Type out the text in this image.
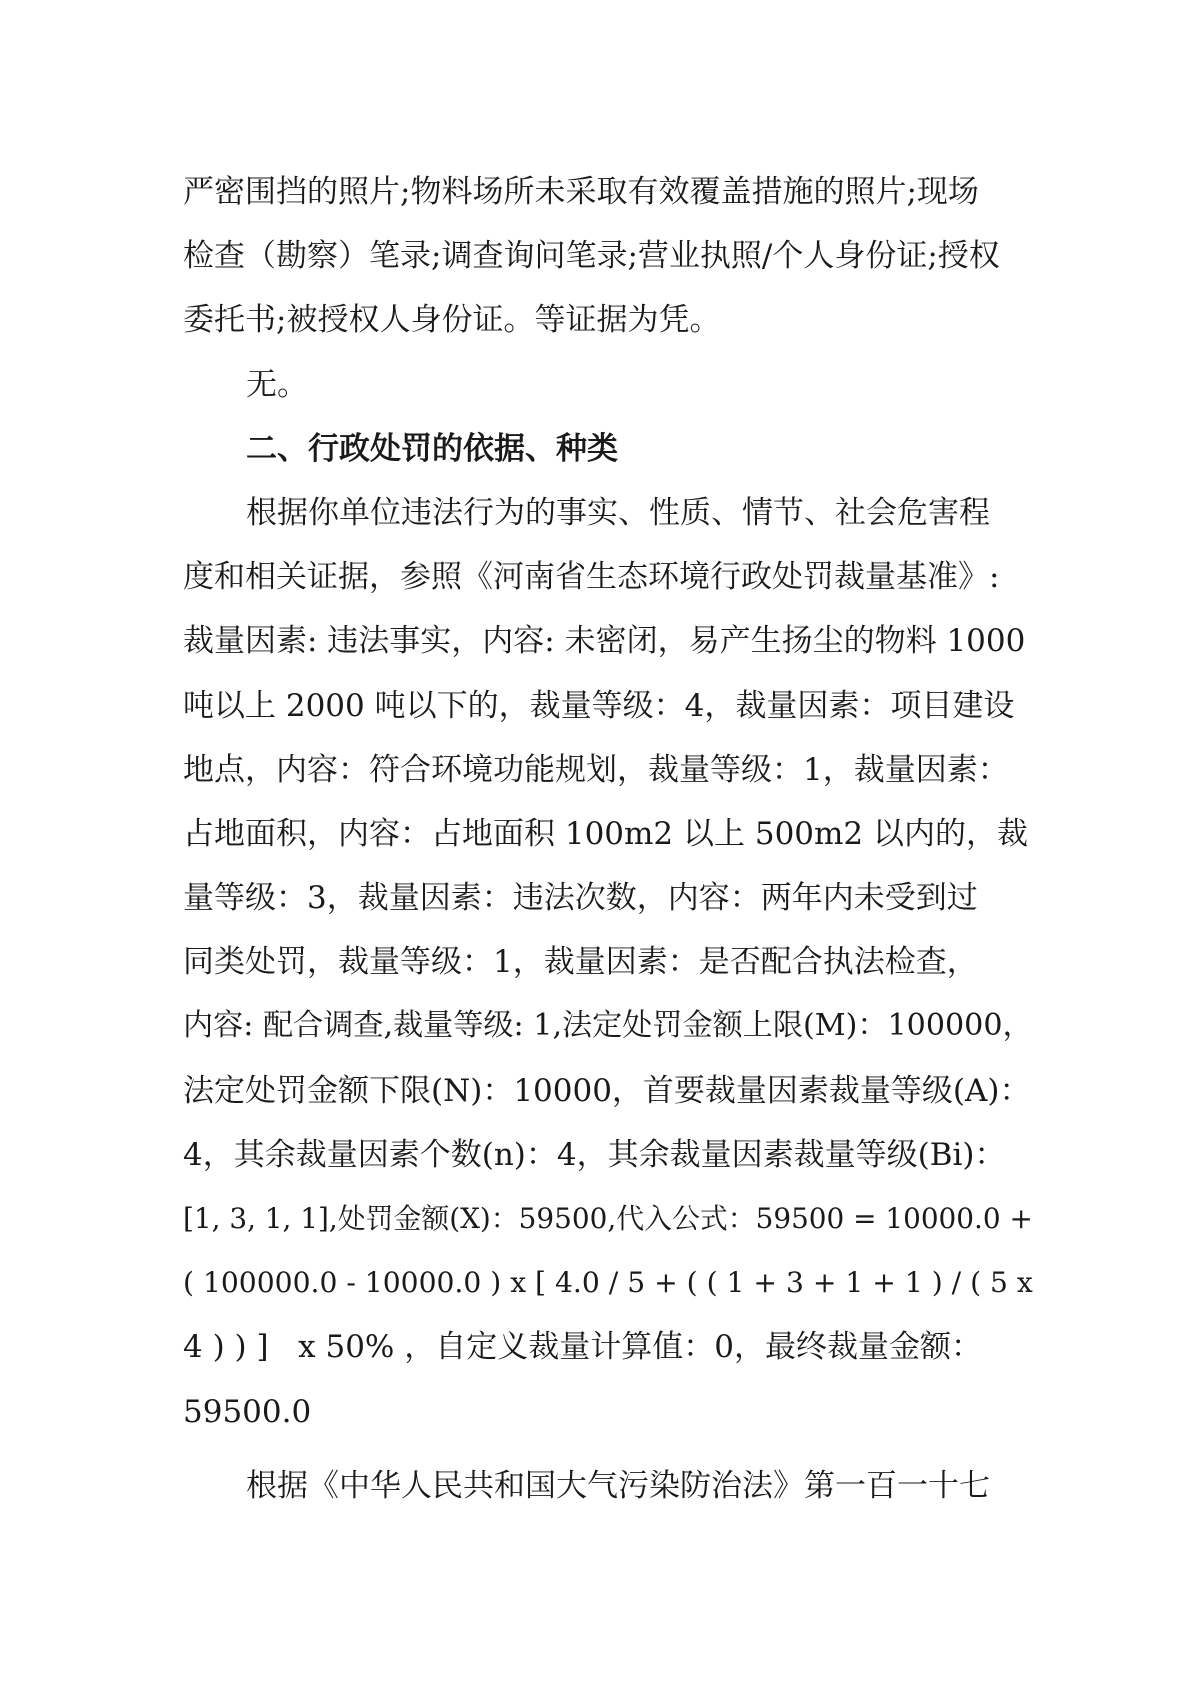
严密围挡的照片;物料场所未采取有效覆盖措施的照片;现场
检查（勘察）笔录;调查询问笔录;营业执照/个人身份证;授权
委托书;被授权人身份证。等证据为凭。
无。
二、行政处罚的依据、种类
根据你单位违法行为的事实、性质、情节、社会危害程
度和相关证据，参照《河南省生态环境行政处罚裁量基准》:
裁量因素: 违法事实，内容: 未密闭，易产生扬尘的物料 1000
吨以上 2000 吨以下的，裁量等级：4，裁量因素：项目建设
地点，内容：符合环境功能规划，裁量等级：1，裁量因素：
占地面积，内容：占地面积 100m2 以上 500m2 以内的，裁
量等级：3，裁量因素：违法次数，内容：两年内未受到过
同类处罚，裁量等级：1，裁量因素：是否配合执法检查，
内容: 配合调查,裁量等级: 1,法定处罚金额上限(M)：100000，
法定处罚金额下限(N)：10000，首要裁量因素裁量等级(A)：
4，其余裁量因素个数(n)：4，其余裁量因素裁量等级(Bi)：
[1, 3, 1, 1],处罚金额(X)：59500,代入公式：59500 = 10000.0 +
( 100000.0 - 10000.0 ) x [ 4.0 / 5 + ( ( 1 + 3 + 1 + 1 ) / ( 5 x
4 ) ) ]   x 50% ，自定义裁量计算值：0，最终裁量金额：
59500.0
根据《中华人民共和国大气污染防治法》第一百一十七
